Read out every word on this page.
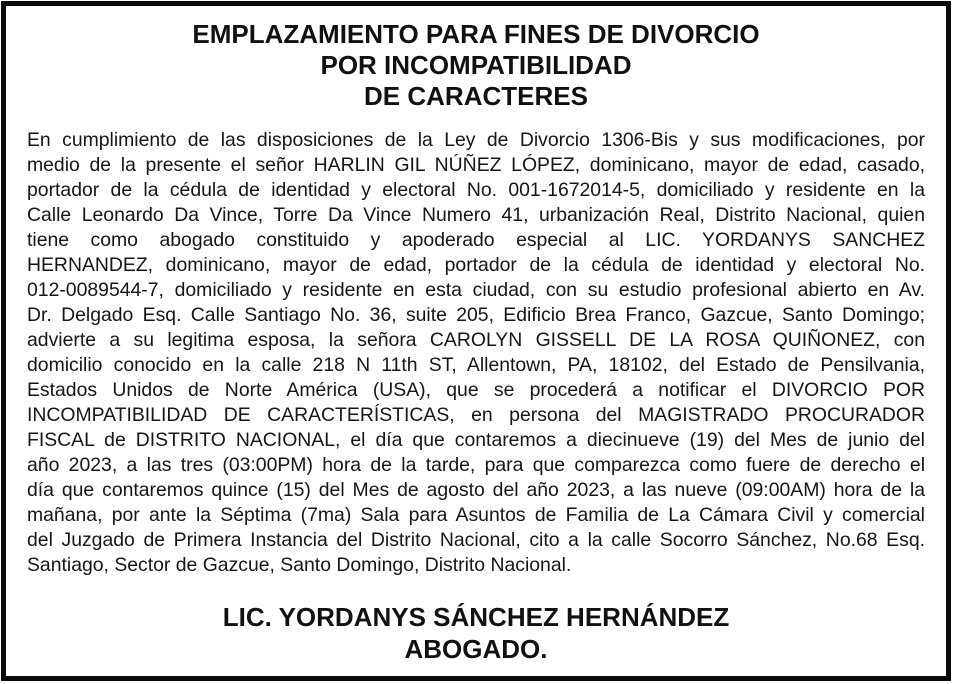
EMPLAZAMIENTO PARA FINES DE DIVORCIO
POR INCOMPATIBILIDAD
DE CARACTERES
En cumplimiento de las disposiciones de la Ley de Divorcio 1306-Bis y sus modificaciones, por
medio de la presente el señor HARLIN GIL NÚÑEZ LÓPEZ, dominicano, mayor de edad, casado,
portador de la cédula de identidad y electoral No. 001-1672014-5, domiciliado y residente en la
Calle Leonardo Da Vince, Torre Da Vince Numero 41, urbanización Real, Distrito Nacional, quien
tiene como abogado constituido y apoderado especial al LIC. YORDANYS SANCHEZ
HERNANDEZ, dominicano, mayor de edad, portador de la cédula de identidad y electoral No.
012-0089544-7, domiciliado y residente en esta ciudad, con su estudio profesional abierto en Av.
Dr. Delgado Esq. Calle Santiago No. 36, suite 205, Edificio Brea Franco, Gazcue, Santo Domingo;
advierte a su legitima esposa, la señora CAROLYN GISSELL DE LA ROSA QUIÑONEZ, con
domicilio conocido en la calle 218 N 11th ST, Allentown, PA, 18102, del Estado de Pensilvania,
Estados Unidos de Norte América (USA), que se procederá a notificar el DIVORCIO POR
INCOMPATIBILIDAD DE CARACTERÍSTICAS, en persona del MAGISTRADO PROCURADOR
FISCAL de DISTRITO NACIONAL, el día que contaremos a diecinueve (19) del Mes de junio del
año 2023, a las tres (03:00PM) hora de la tarde, para que comparezca como fuere de derecho el
día que contaremos quince (15) del Mes de agosto del año 2023, a las nueve (09:00AM) hora de la
mañana, por ante la Séptima (7ma) Sala para Asuntos de Familia de La Cámara Civil y comercial
del Juzgado de Primera Instancia del Distrito Nacional, cito a la calle Socorro Sánchez, No.68 Esq.
Santiago, Sector de Gazcue, Santo Domingo, Distrito Nacional.
LIC. YORDANYS SÁNCHEZ HERNÁNDEZ
ABOGADO.
